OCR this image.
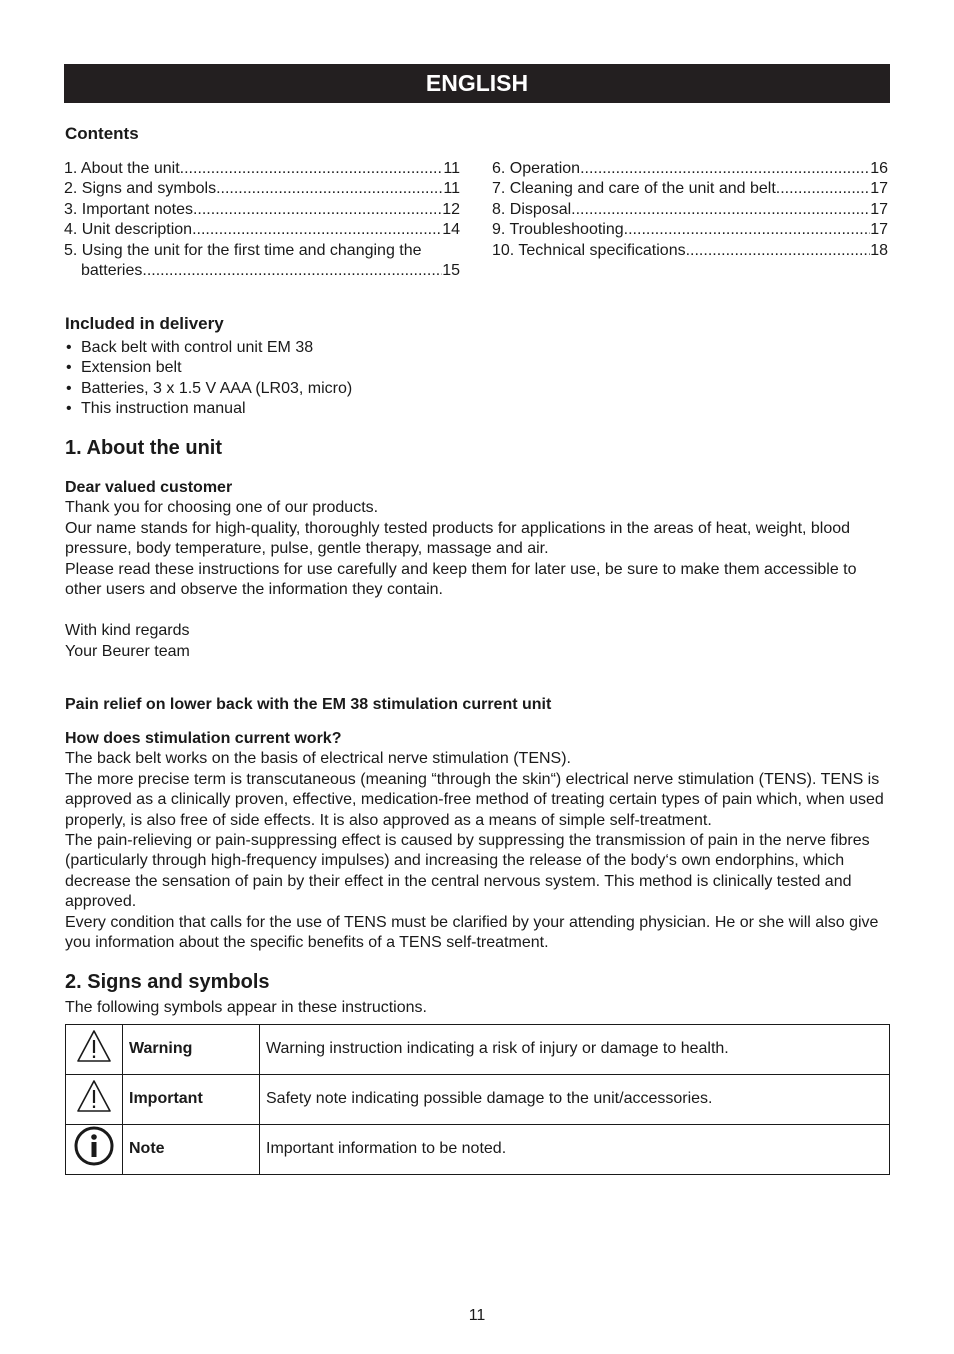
ENGLISH
Contents
1. About the unit .....	11
2. Signs and symbols .....	11
3. Important notes .....	12
4. Unit description .....	14
5. Using the unit for the first time and changing the
batteries .....	15
6. Operation .....	16
7. Cleaning and care of the unit and belt .....	17
8. Disposal .....	17
9. Troubleshooting .....	17
10. Technical specifications .....	18
Included in delivery
• Back belt with control unit EM 38
• Extension belt
• Batteries, 3 x 1.5 V AAA (LR03, micro)
• This instruction manual
1. About the unit
Dear valued customer
Thank you for choosing one of our products.
Our name stands for high-quality, thoroughly tested products for applications in the areas of heat, weight, blood pressure, body temperature, pulse, gentle therapy, massage and air.
Please read these instructions for use carefully and keep them for later use, be sure to make them accessible to other users and observe the information they contain.
With kind regards
Your Beurer team
Pain relief on lower back with the EM 38 stimulation current unit
How does stimulation current work?
The back belt works on the basis of electrical nerve stimulation (TENS).
The more precise term is transcutaneous (meaning “through the skin“) electrical nerve stimulation (TENS). TENS is approved as a clinically proven, effective, medication-free method of treating certain types of pain which, when used properly, is also free of side effects. It is also approved as a means of simple self-treatment.
The pain-relieving or pain-suppressing effect is caused by suppressing the transmission of pain in the nerve fibres (particularly through high-frequency impulses) and increasing the release of the body‘s own endorphins, which decrease the sensation of pain by their effect in the central nervous system. This method is clinically tested and approved.
Every condition that calls for the use of TENS must be clarified by your attending physician. He or she will also give you information about the specific benefits of a TENS self-treatment.
2. Signs and symbols
The following symbols appear in these instructions.
	Warning	Warning instruction indicating a risk of injury or damage to health.
	Important	Safety note indicating possible damage to the unit/accessories.
	Note	Important information to be noted.
11
